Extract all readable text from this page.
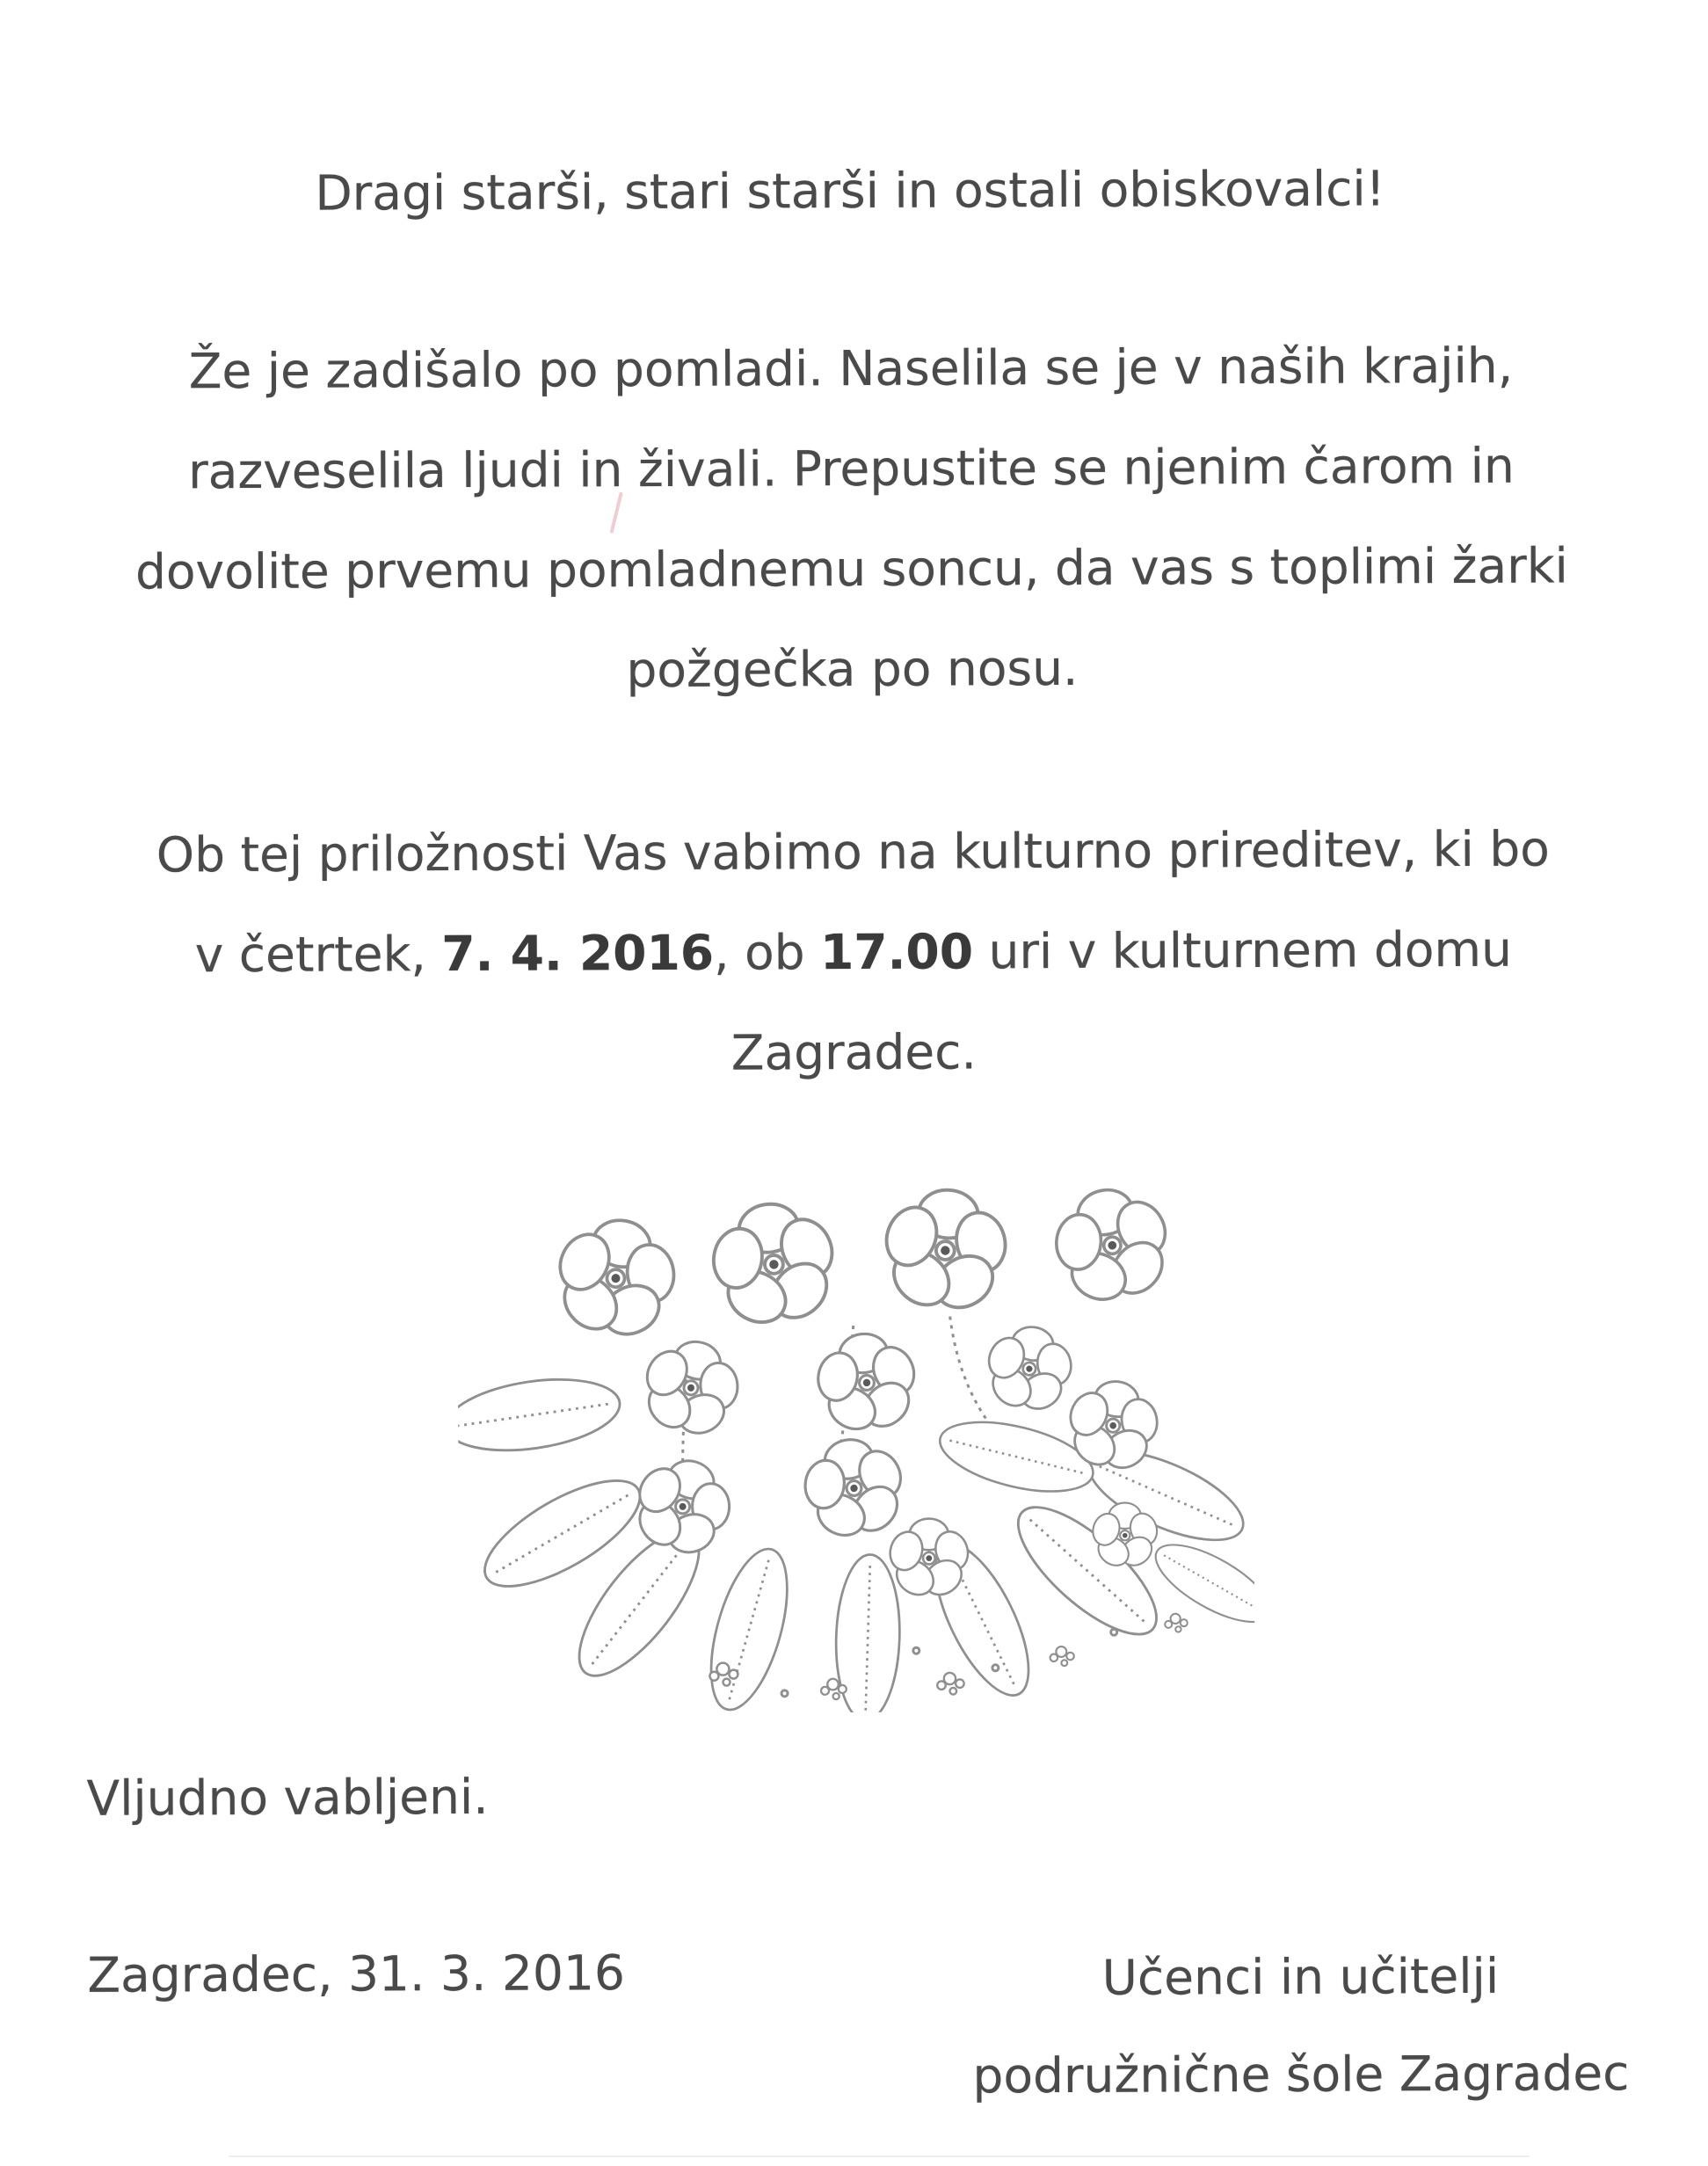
Dragi starši, stari starši in ostali obiskovalci!
Že je zadišalo po pomladi. Naselila se je v naših krajih,
razveselila ljudi in živali. Prepustite se njenim čarom in
dovolite prvemu pomladnemu soncu, da vas s toplimi žarki
požgečka po nosu.
Ob tej priložnosti Vas vabimo na kulturno prireditev, ki bo
v četrtek, 7. 4. 2016, ob 17.00 uri v kulturnem domu
Zagradec.
Vljudno vabljeni.
Zagradec, 31. 3. 2016	Učenci in učitelji
podružnične šole Zagradec
